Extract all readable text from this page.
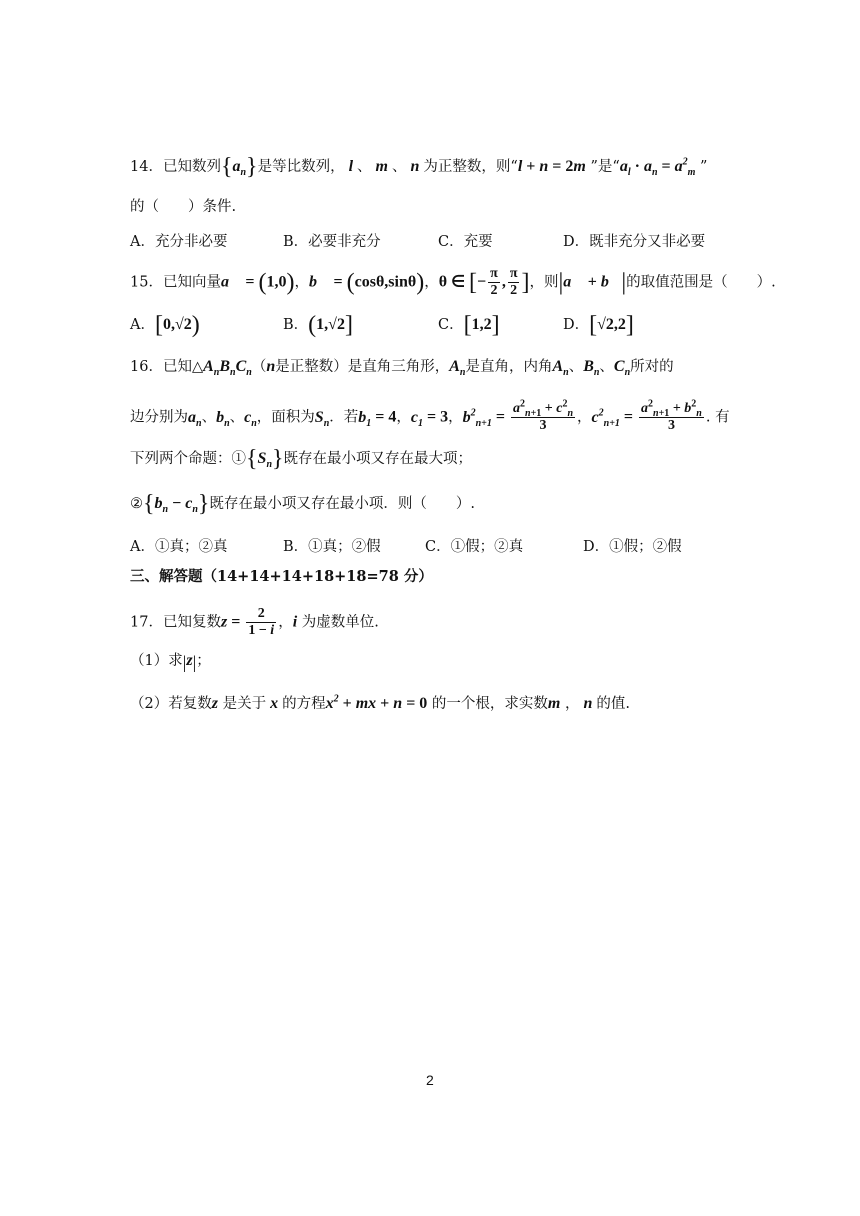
14．已知数列$\{a_n\}$是等比数列， l 、 m 、 n 为正整数，则“l + n = 2m ”是“$a_l \cdot a_n = a^2_m$ ”
的（　　）条件.
A．充分非必要	B．必要非充分	C．充要	D．既非充分又非必要
15．已知向量a⃗ = (1,0)，b⃗ = (cosθ,sinθ)，θ ∈ [− $\frac{\pi}{2}$ , $\frac{\pi}{2}$ ]，则|a⃗ + b⃗|的取值范围是（　　）.
A．[0,√2)	B．(1,√2]	C．[1,2]	D．[√2,2]
16．已知$\triangle A_nB_nC_n(n$是正整数）是直角三角形，$A_n$是直角，内角$A_n$、$B_n$、$C_n$所对的
边分别为$a_n$、$b_n$、$c_n$，面积为$S_n$．若$b_1 = 4$，$c_1 = 3$，$b^2_{n+1} = \frac{a^2_{n+1} + c^2_n}{3}$ ，$c^2_{n+1} = \frac{a^2_{n+1} + b^2_n}{3}$ . 有
下列两个命题：$①\{S_n\}$既存在最小项又存在最大项；
$②\{b_n - c_n\}$既存在最小项又存在最小项．则（　　）.
A．①真；②真	B．①真；②假	C．①假；②真	D．①假；②假
三、解答题（14+14+14+18+18=78 分）
17．已知复数$z = \frac{2}{1 - i}$ ，i 为虚数单位.
（1）求|z|；
（2）若复数z 是关于 x 的方程$x^2$ + mx + n = 0 的一个根，求实数m ， n 的值.
2
